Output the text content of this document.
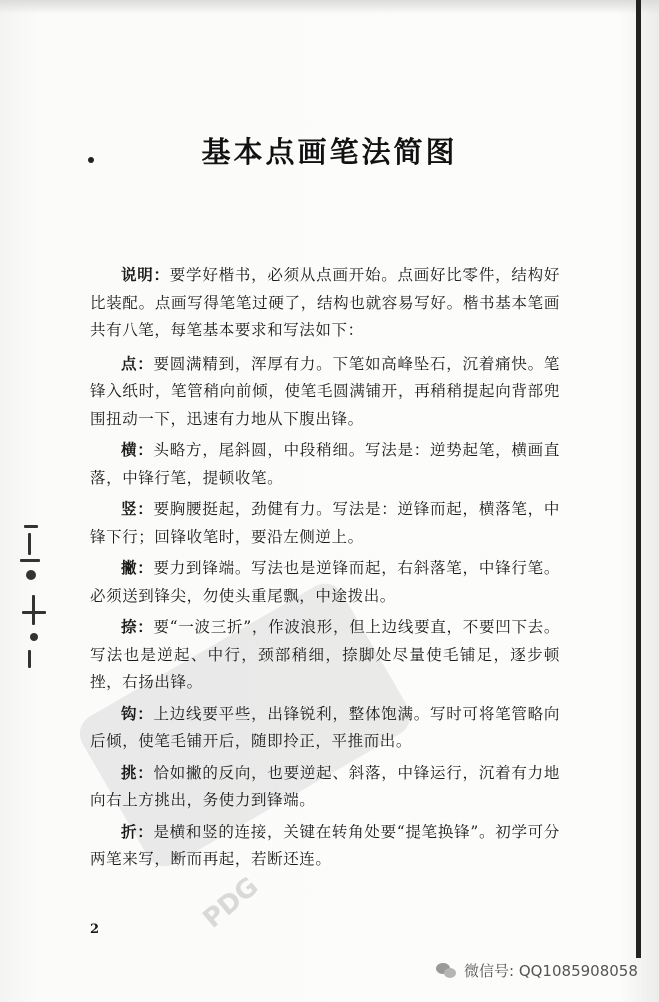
PDG
基本点画笔法简图

说明：要学好楷书，必须从点画开始。点画好比零件，结构好比装配。点画写得笔笔过硬了，结构也就容易写好。楷书基本笔画共有八笔，每笔基本要求和写法如下：

点：要圆满精到，浑厚有力。下笔如高峰坠石，沉着痛快。笔锋入纸时，笔管稍向前倾，使笔毛圆满铺开，再稍稍提起向背部兜围扭动一下，迅速有力地从下腹出锋。

横：头略方，尾斜圆，中段稍细。写法是：逆势起笔，横画直落，中锋行笔，提顿收笔。

竖：要胸腰挺起，劲健有力。写法是：逆锋而起，横落笔，中锋下行；回锋收笔时，要沿左侧逆上。

撇：要力到锋端。写法也是逆锋而起，右斜落笔，中锋行笔。必须送到锋尖，勿使头重尾飘，中途拨出。

捺：要“一波三折”，作波浪形，但上边线要直，不要凹下去。写法也是逆起、中行，颈部稍细，捺脚处尽量使毛铺足，逐步顿挫，右扬出锋。

钩：上边线要平些，出锋锐利，整体饱满。写时可将笔管略向后倾，使笔毛铺开后，随即拎正，平推而出。

挑：恰如撇的反向，也要逆起、斜落，中锋运行，沉着有力地向右上方挑出，务使力到锋端。

折：是横和竖的连接，关键在转角处要“提笔换锋”。初学可分两笔来写，断而再起，若断还连。

2
微信号: QQ1085908058
